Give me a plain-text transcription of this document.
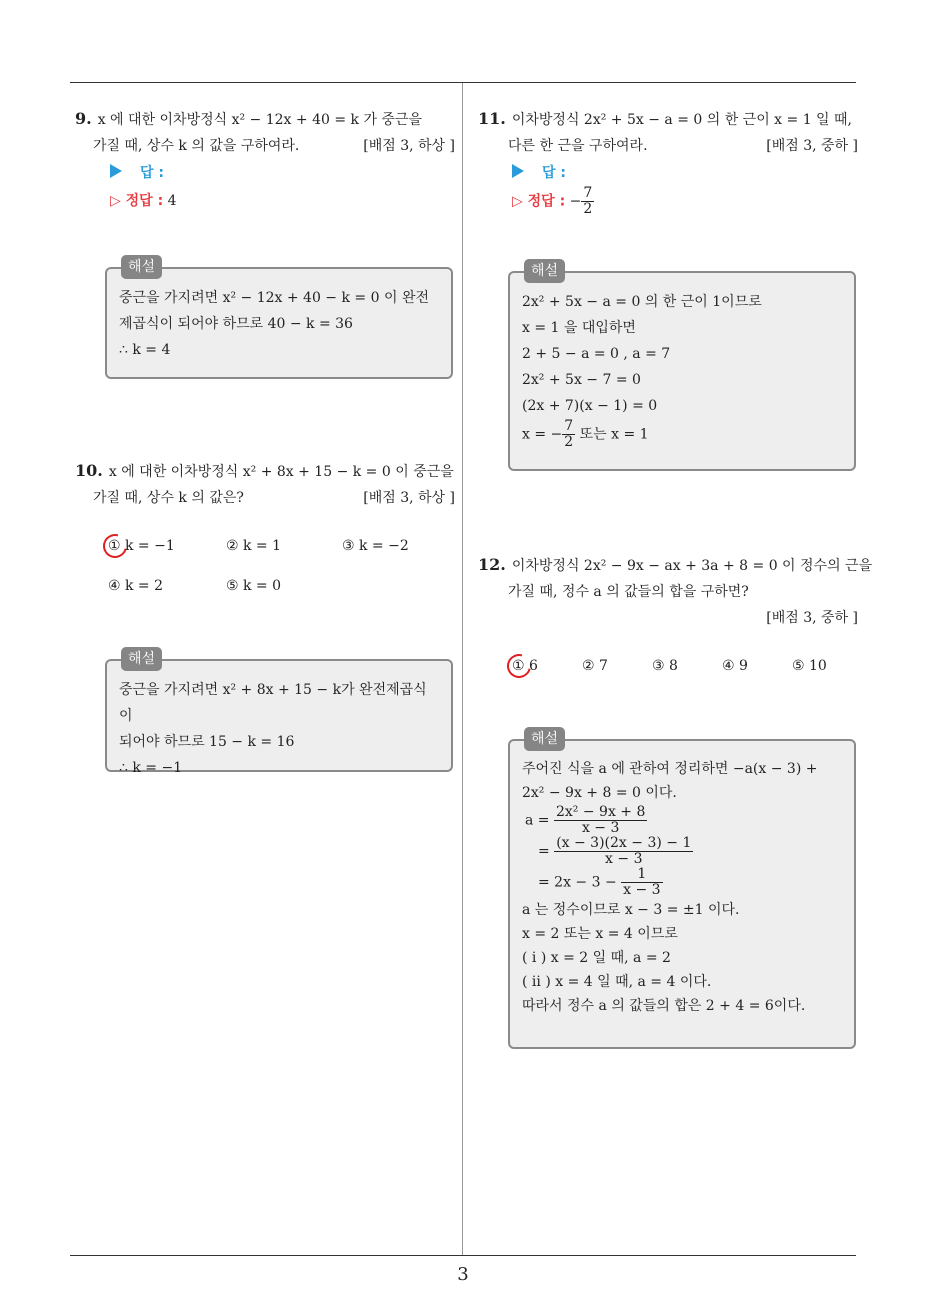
3
9. x 에 대한 이차방정식 x² − 12x + 40 = k 가 중근을
가질 때, 상수 k 의 값을 구하여라.	[배점 3, 하상 ]
답 :
▷ 정답 : 4
해설
중근을 가지려면 x² − 12x + 40 − k = 0 이 완전
제곱식이 되어야 하므로 40 − k = 36
∴ k = 4
10. x 에 대한 이차방정식 x² + 8x + 15 − k = 0 이 중근을
가질 때, 상수 k 의 값은?	[배점 3, 하상 ]
① k = −1	② k = 1	③ k = −2
④ k = 2	⑤ k = 0
해설
중근을 가지려면 x² + 8x + 15 − k가 완전제곱식이
되어야 하므로 15 − k = 16
∴ k = −1
11. 이차방정식 2x² + 5x − a = 0 의 한 근이 x = 1 일 때,
다른 한 근을 구하여라.	[배점 3, 중하 ]
답 :
▷ 정답 : − $\frac{7}{2}$
해설
2x² + 5x − a = 0 의 한 근이 1이므로
x = 1 을 대입하면
2 + 5 − a = 0 , a = 7
2x² + 5x − 7 = 0
(2x + 7)(x − 1) = 0
x = − $\frac{7}{2}$ 또는 x = 1
12. 이차방정식 2x² − 9x − ax + 3a + 8 = 0 이 정수의 근을
가질 때, 정수 a 의 값들의 합을 구하면?
[배점 3, 중하 ]
① 6	② 7	③ 8	④ 9	⑤ 10
해설
주어진 식을 a 에 관하여 정리하면 −a(x − 3) +
2x² − 9x + 8 = 0 이다.
$a = \frac{\text{2x² − 9x + 8}}{x - 3}$
= $\frac{(x - 3)(2x - 3) - 1}{x - 3}$
= $2x - 3 - \frac{1}{x - 3}$
a 는 정수이므로 x − 3 = ±1 이다.
x = 2 또는 x = 4 이므로
( i ) x = 2 일 때, a = 2
( ii ) x = 4 일 때, a = 4 이다.
따라서 정수 a 의 값들의 합은 2 + 4 = 6이다.
